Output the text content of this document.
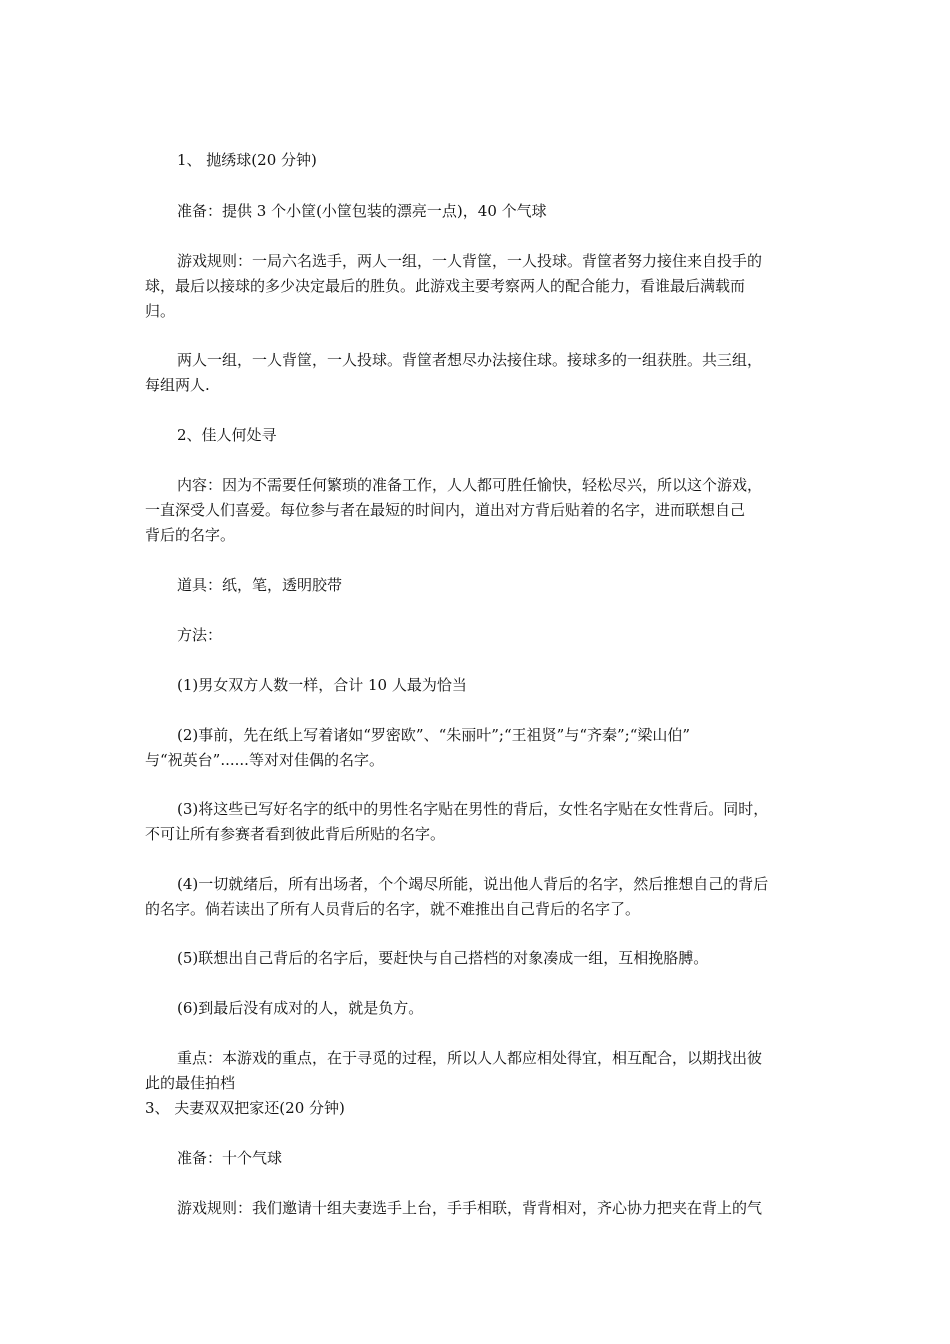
1、 抛绣球(20 分钟)

准备：提供 3 个小筐(小筐包装的漂亮一点)，40 个气球

游戏规则：一局六名选手，两人一组，一人背筐，一人投球。背筐者努力接住来自投手的
球，最后以接球的多少决定最后的胜负。此游戏主要考察两人的配合能力，看谁最后满载而
归。

两人一组，一人背筐，一人投球。背筐者想尽办法接住球。接球多的一组获胜。共三组，
每组两人.

2、佳人何处寻

内容：因为不需要任何繁琐的准备工作，人人都可胜任愉快，轻松尽兴，所以这个游戏，
一直深受人们喜爱。每位参与者在最短的时间内，道出对方背后贴着的名字，进而联想自己
背后的名字。

道具：纸，笔，透明胶带

方法：

(1)男女双方人数一样，合计 10 人最为恰当

(2)事前，先在纸上写着诸如“罗密欧”、“朱丽叶”;“王祖贤”与“齐秦”;“梁山伯”
与“祝英台”......等对对佳偶的名字。

(3)将这些已写好名字的纸中的男性名字贴在男性的背后，女性名字贴在女性背后。同时，
不可让所有参赛者看到彼此背后所贴的名字。

(4)一切就绪后，所有出场者，个个竭尽所能，说出他人背后的名字，然后推想自己的背后
的名字。倘若读出了所有人员背后的名字，就不难推出自己背后的名字了。

(5)联想出自己背后的名字后，要赶快与自己搭档的对象凑成一组，互相挽胳膊。

(6)到最后没有成对的人，就是负方。

重点：本游戏的重点，在于寻觅的过程，所以人人都应相处得宜，相互配合，以期找出彼
此的最佳拍档

3、 夫妻双双把家还(20 分钟)

准备：十个气球

游戏规则：我们邀请十组夫妻选手上台，手手相联，背背相对，齐心协力把夹在背上的气
